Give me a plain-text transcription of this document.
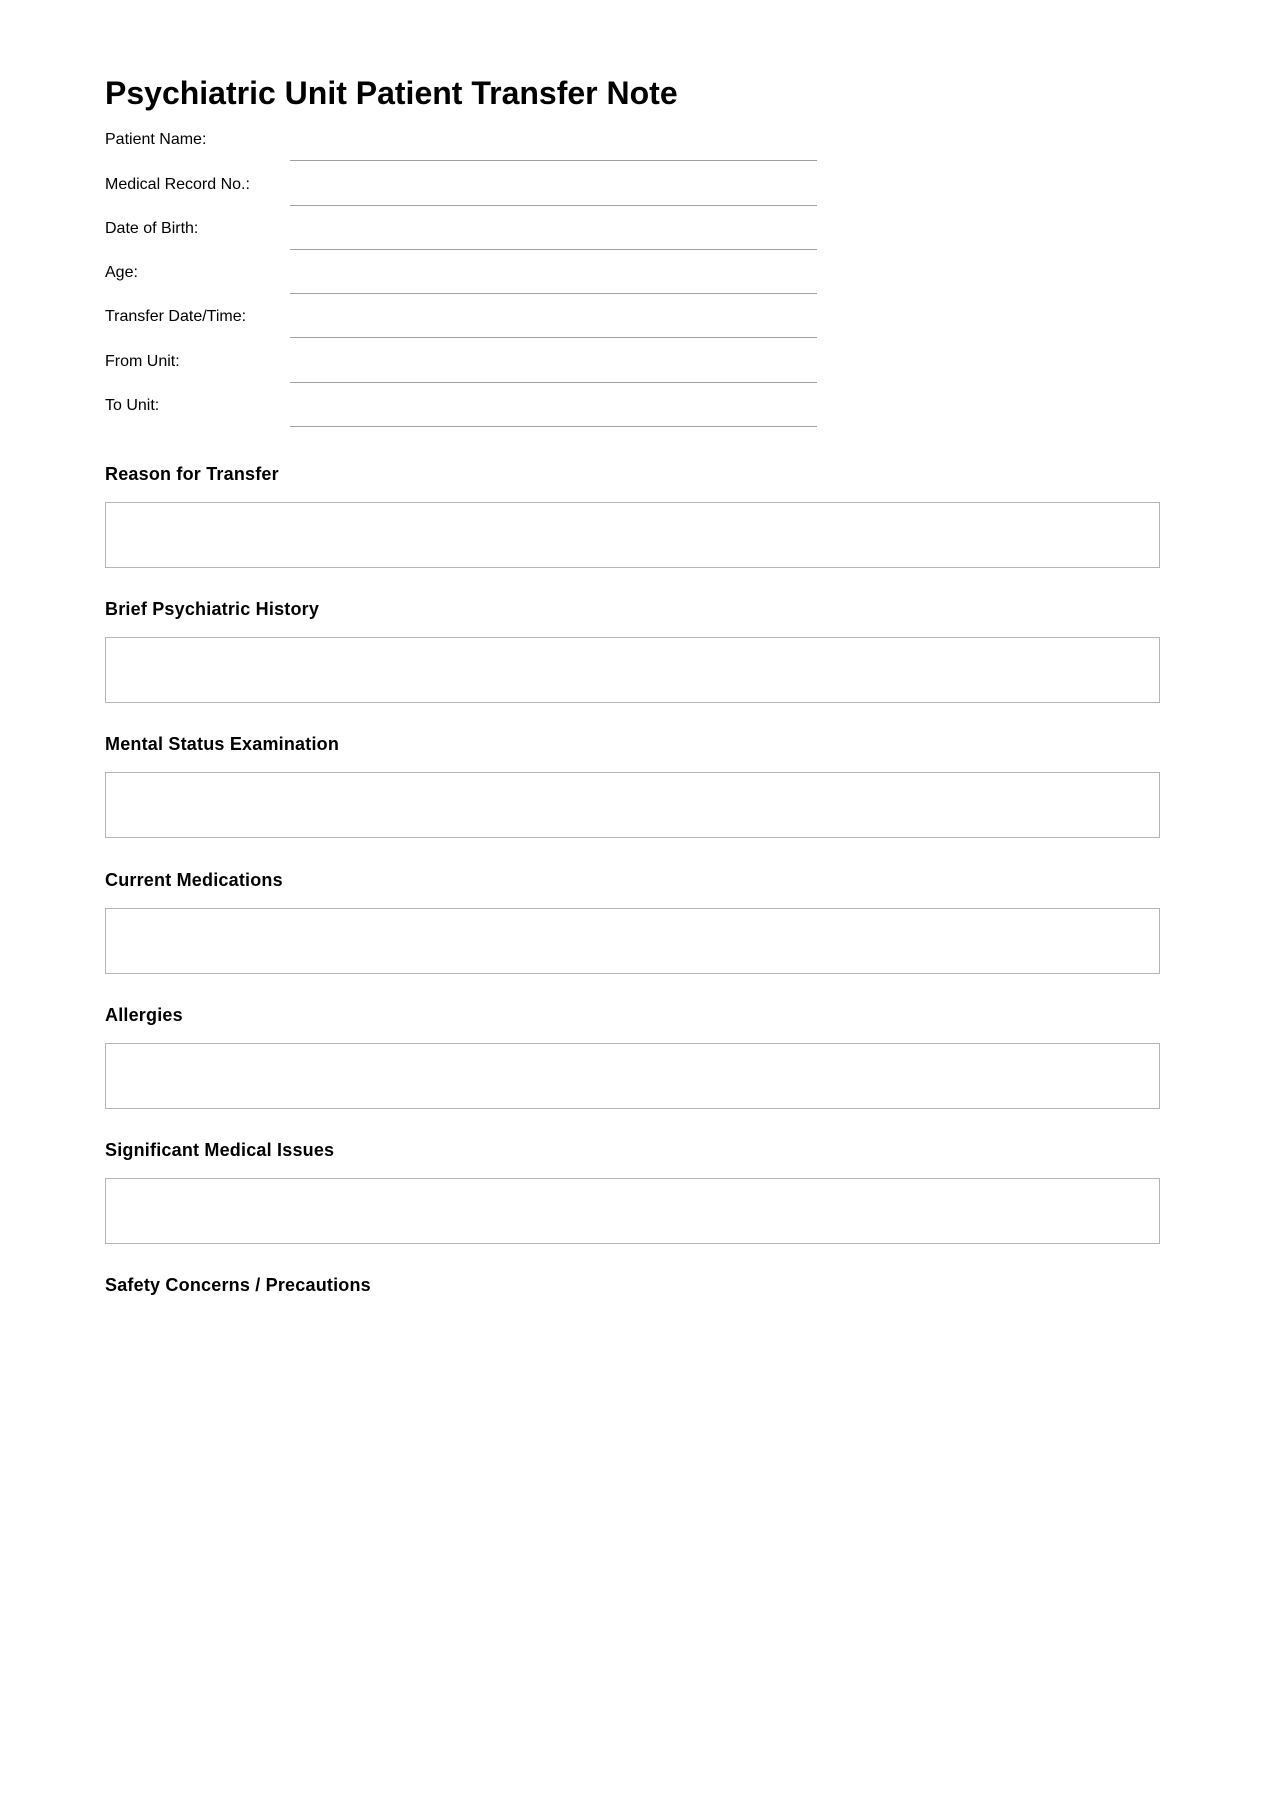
Psychiatric Unit Patient Transfer Note
Patient Name:
Medical Record No.:
Date of Birth:
Age:
Transfer Date/Time:
From Unit:
To Unit:
Reason for Transfer
Brief Psychiatric History
Mental Status Examination
Current Medications
Allergies
Significant Medical Issues
Safety Concerns / Precautions
